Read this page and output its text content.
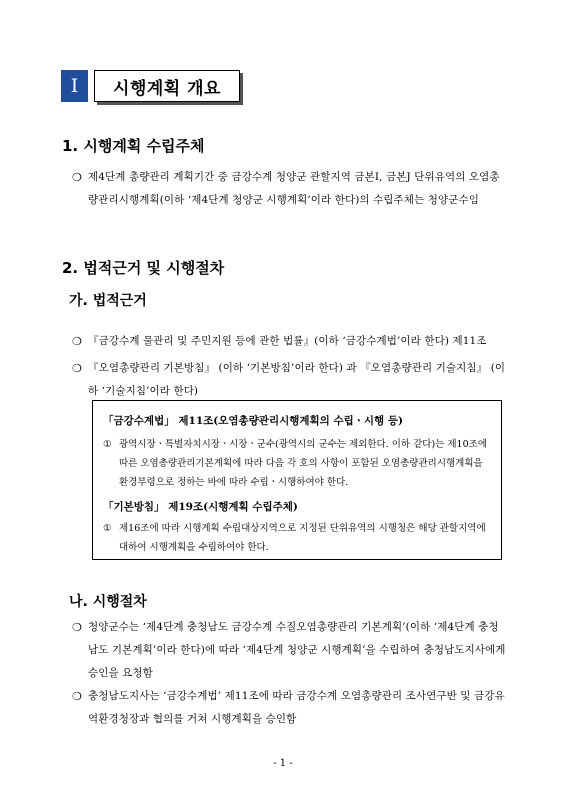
Ⅰ	시행계획 개요
1. 시행계획 수립주체
❍ 제4단계 총량관리 계획기간 중 금강수계 청양군 관할지역 금본I, 금본J 단위유역의 오염총량관리시행계획(이하 ‘제4단계 청양군 시행계획’이라 한다)의 수립주체는 청양군수임
2. 법적근거 및 시행절차
가. 법적근거
❍ 『금강수계 물관리 및 주민지원 등에 관한 법률』(이하 ‘금강수계법’이라 한다) 제11조
❍ 『오염총량관리 기본방침』 (이하 ‘기본방침’이라 한다) 과 『오염총량관리 기술지침』 (이하 ‘기술지침’이라 한다)
「금강수계법」 제11조(오염총량관리시행계획의 수립ㆍ시행 등)
① 광역시장ㆍ특별자치시장ㆍ시장ㆍ군수(광역시의 군수는 제외한다. 이하 같다)는 제10조에 따른 오염총량관리기본계획에 따라 다음 각 호의 사항이 포함된 오염총량관리시행계획을 환경부령으로 정하는 바에 따라 수립ㆍ시행하여야 한다.
「기본방침」 제19조(시행계획 수립주체)
① 제16조에 따라 시행계획 수립대상지역으로 지정된 단위유역의 시행청은 해당 관할지역에 대하여 시행계획을 수립하여야 한다.
나. 시행절차
❍ 청양군수는 ‘제4단계 충청남도 금강수계 수질오염총량관리 기본계획’(이하 ‘제4단계 충청남도 기본계획’이라 한다)에 따라 ‘제4단계 청양군 시행계획’을 수립하여 충청남도지사에게 승인을 요청함
❍ 충청남도지사는 ‘금강수계법’ 제11조에 따라 금강수계 오염총량관리 조사연구반 및 금강유역환경청장과 협의를 거쳐 시행계획을 승인함
- 1 -
